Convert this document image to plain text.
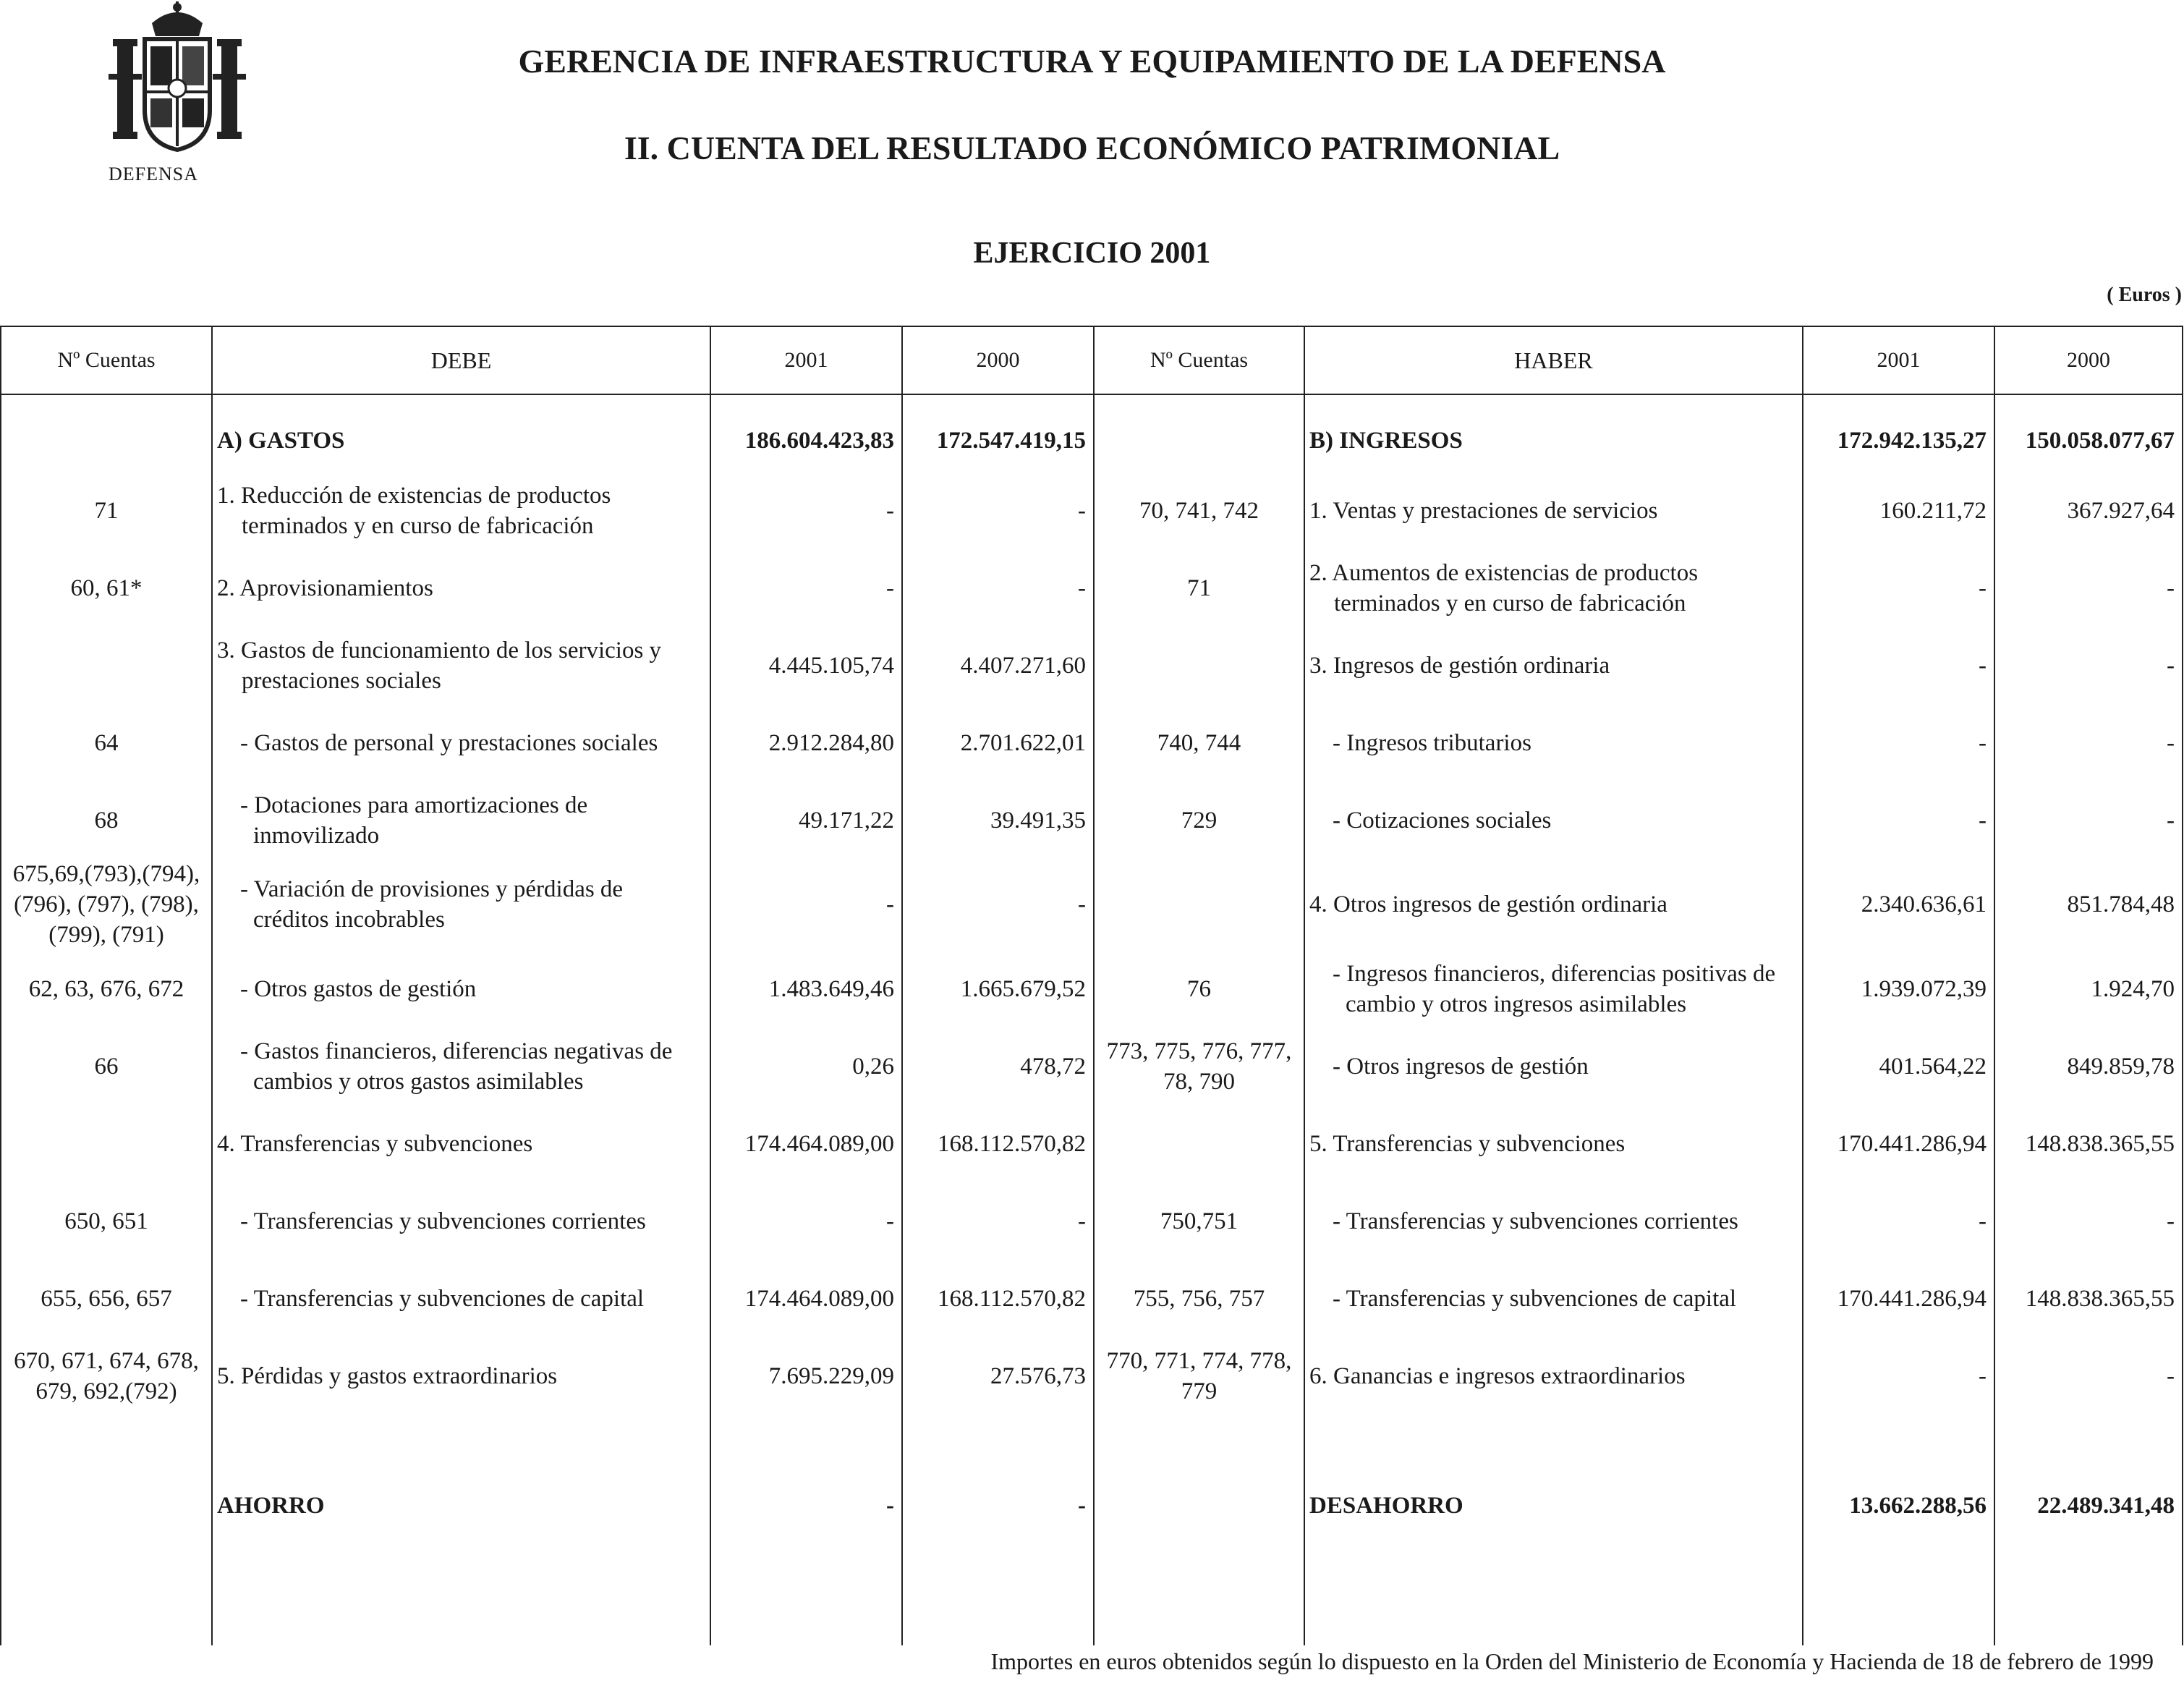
DEFENSA
GERENCIA DE INFRAESTRUCTURA Y EQUIPAMIENTO DE LA DEFENSA
II. CUENTA DEL RESULTADO ECONÓMICO PATRIMONIAL
EJERCICIO 2001
( Euros )
Nº Cuentas	DEBE	2001	2000	Nº Cuentas	HABER	2001	2000
	A) GASTOS	186.604.423,83	172.547.419,15		B) INGRESOS	172.942.135,27	150.058.077,67
71	1. Reducción de existencias de productos terminados y en curso de fabricación	-	-	70, 741, 742	1. Ventas y prestaciones de servicios	160.211,72	367.927,64
60, 61*	2. Aprovisionamientos	-	-	71	2. Aumentos de existencias de productos terminados y en curso de fabricación	-	-

	3. Gastos de funcionamiento de los servicios y prestaciones sociales	4.445.105,74	4.407.271,60		3. Ingresos de gestión ordinaria	-	-
64	- Gastos de personal y prestaciones sociales	2.912.284,80	2.701.622,01	740, 744	- Ingresos tributarios	-	-
68	- Dotaciones para amortizaciones de inmovilizado	49.171,22	39.491,35	729	- Cotizaciones sociales	-	-
675,69,(793),(794), (796), (797), (798), (799), (791)	- Variación de provisiones y pérdidas de créditos incobrables	-	-		4. Otros ingresos de gestión ordinaria	2.340.636,61	851.784,48
62, 63, 676, 672	- Otros gastos de gestión	1.483.649,46	1.665.679,52	76	- Ingresos financieros, diferencias positivas de cambio y otros ingresos asimilables	1.939.072,39	1.924,70
66	- Gastos financieros, diferencias negativas de cambios y otros gastos asimilables	0,26	478,72	773, 775, 776, 777, 78, 790	- Otros ingresos de gestión	401.564,22	849.859,78
	4. Transferencias y subvenciones	174.464.089,00	168.112.570,82		5. Transferencias y subvenciones	170.441.286,94	148.838.365,55
650, 651	- Transferencias y subvenciones corrientes	-	-	750,751	- Transferencias y subvenciones corrientes	-	-
655, 656, 657	- Transferencias y subvenciones de capital	174.464.089,00	168.112.570,82	755, 756, 757	- Transferencias y subvenciones de capital	170.441.286,94	148.838.365,55
670, 671, 674, 678, 679, 692,(792)	5. Pérdidas y gastos extraordinarios	7.695.229,09	27.576,73	770, 771, 774, 778, 779	6. Ganancias e ingresos extraordinarios	-	-

	AHORRO	-	-		DESAHORRO	13.662.288,56	22.489.341,48

Importes en euros obtenidos según lo dispuesto en la Orden del Ministerio de Economía y Hacienda de 18 de febrero de 1999
